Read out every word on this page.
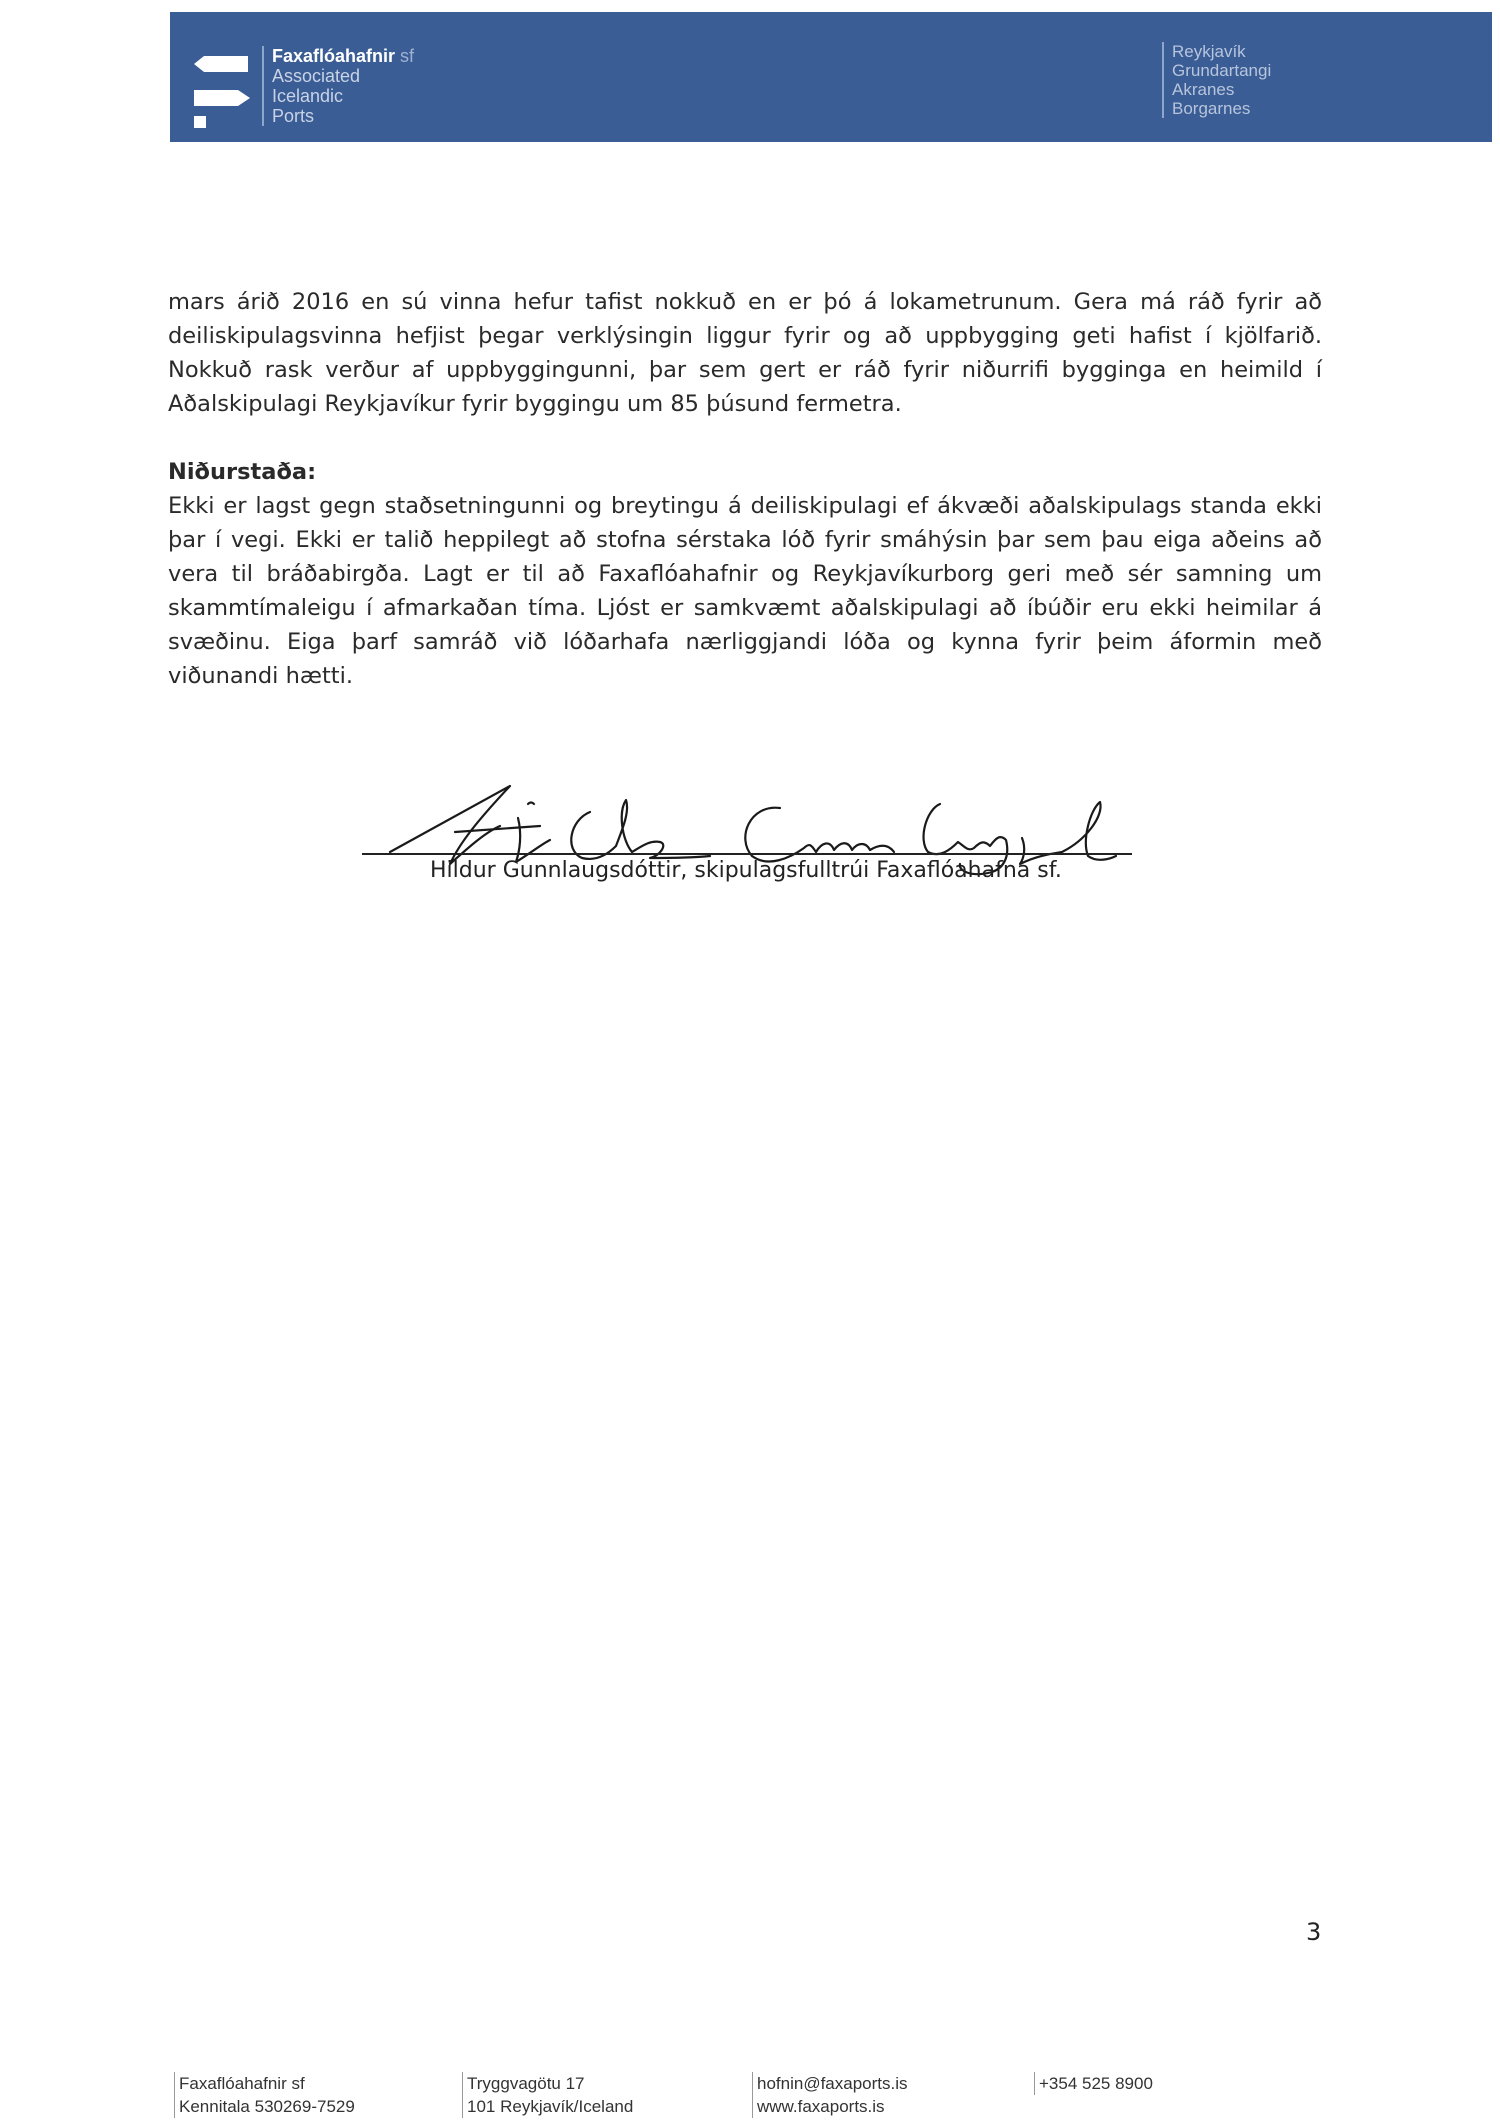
Faxaflóahafnir sf
Associated
Icelandic
Ports
Reykjavík
Grundartangi
Akranes
Borgarnes

mars árið 2016 en sú vinna hefur tafist nokkuð en er þó á lokametrunum. Gera má ráð fyrir að deiliskipulagsvinna hefjist þegar verklýsingin liggur fyrir og að uppbygging geti hafist í kjölfarið. Nokkuð rask verður af uppbyggingunni, þar sem gert er ráð fyrir niðurrifi bygginga en heimild í Aðalskipulagi Reykjavíkur fyrir byggingu um 85 þúsund fermetra.

Niðurstaða:

Ekki er lagst gegn staðsetningunni og breytingu á deiliskipulagi ef ákvæði aðalskipulags standa ekki þar í vegi. Ekki er talið heppilegt að stofna sérstaka lóð fyrir smáhýsin þar sem þau eiga aðeins að vera til bráðabirgða. Lagt er til að Faxaflóahafnir og Reykjavíkurborg geri með sér samning um skammtímaleigu í afmarkaðan tíma. Ljóst er samkvæmt aðalskipulagi að íbúðir eru ekki heimilar á svæðinu. Eiga þarf samráð við lóðarhafa nærliggjandi lóða og kynna fyrir þeim áformin með viðunandi hætti.

Hildur Gunnlaugsdóttir, skipulagsfulltrúi Faxaflóahafna sf.
3
Faxaflóahafnir sf
Kennitala 530269-7529
Tryggvagötu 17
101 Reykjavík/Iceland
hofnin@faxaports.is
www.faxaports.is
+354 525 8900
